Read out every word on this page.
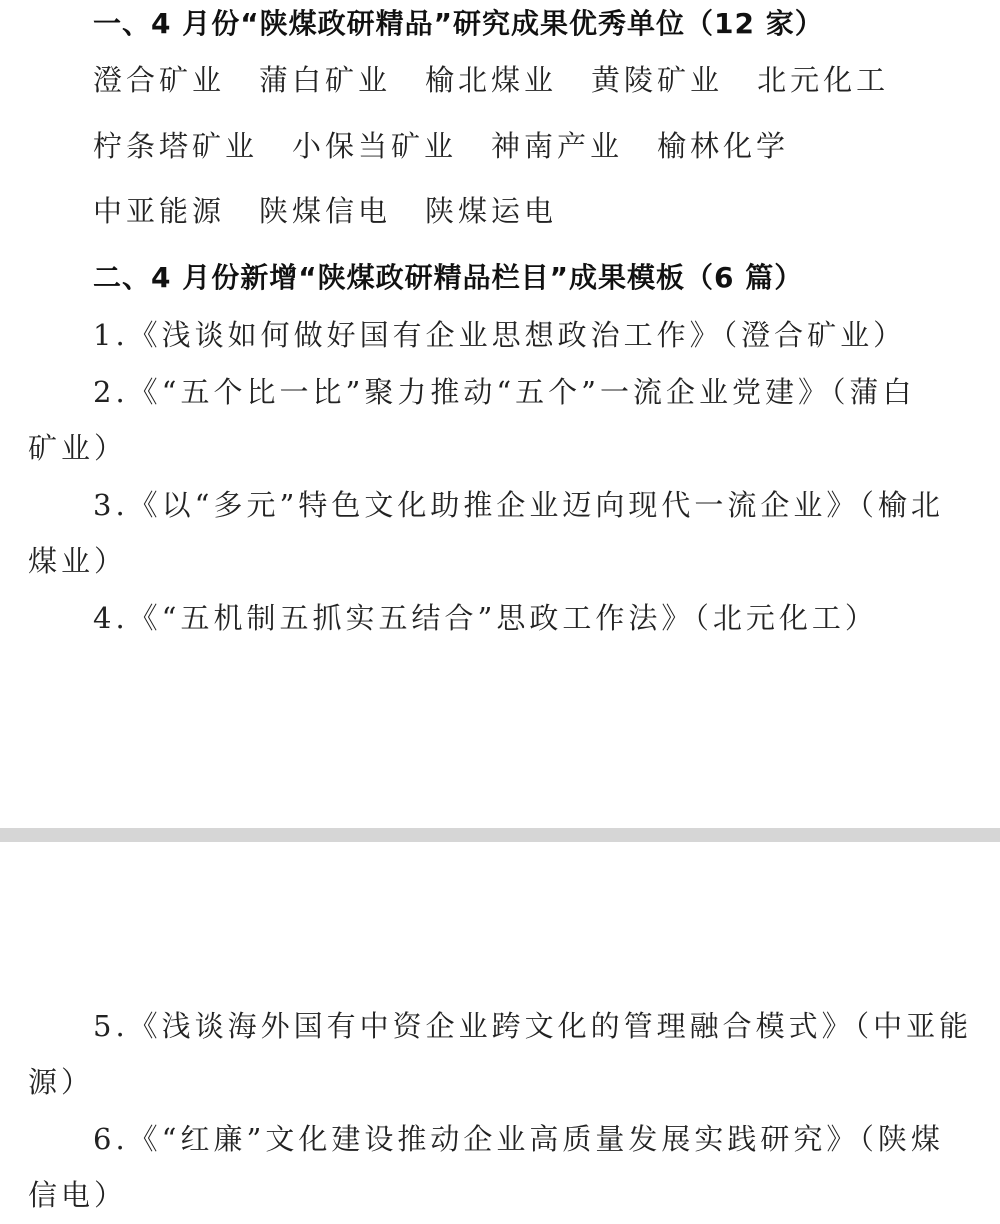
一、4 月份“陕煤政研精品”研究成果优秀单位（12 家）
澄合矿业 蒲白矿业 榆北煤业 黄陵矿业 北元化工
柠条塔矿业 小保当矿业 神南产业 榆林化学
中亚能源 陕煤信电 陕煤运电
二、4 月份新增“陕煤政研精品栏目”成果模板（6 篇）
1.《浅谈如何做好国有企业思想政治工作》（澄合矿业）
2.《“五个比一比”聚力推动“五个”一流企业党建》（蒲白
矿业）
3.《以“多元”特色文化助推企业迈向现代一流企业》（榆北
煤业）
4.《“五机制五抓实五结合”思政工作法》（北元化工）
5.《浅谈海外国有中资企业跨文化的管理融合模式》（中亚能
源）
6.《“红廉”文化建设推动企业高质量发展实践研究》（陕煤
信电）
